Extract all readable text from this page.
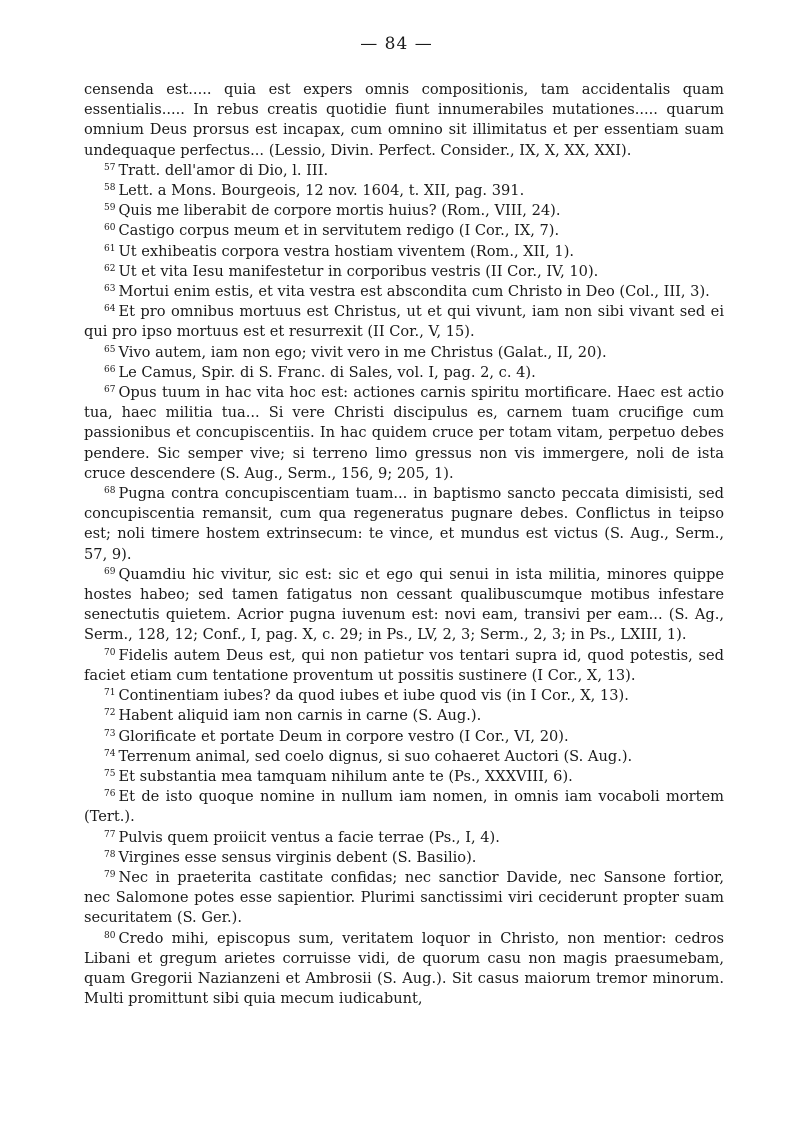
— 84 —

censenda est..... quia est expers omnis compositionis, tam accidentalis quam essentialis..... In rebus creatis quotidie fiunt innumerabiles mutationes..... quarum omnium Deus prorsus est incapax, cum omnino sit illimitatus et per essentiam suam undequaque perfectus... (Lessio, Divin. Perfect. Consider., IX, X, XX, XXI).

$^{57}$ Tratt. dell'amor di Dio, l. III.

$^{58}$ Lett. a Mons. Bourgeois, 12 nov. 1604, t. XII, pag. 391.

$^{59}$ Quis me liberabit de corpore mortis huius? (Rom., VIII, 24).

$^{60}$ Castigo corpus meum et in servitutem redigo (I Cor., IX, 7).

$^{61}$ Ut exhibeatis corpora vestra hostiam viventem (Rom., XII, 1).

$^{62}$ Ut et vita Iesu manifestetur in corporibus vestris (II Cor., IV, 10).

$^{63}$ Mortui enim estis, et vita vestra est abscondita cum Christo in Deo (Col., III, 3).

$^{64}$ Et pro omnibus mortuus est Christus, ut et qui vivunt, iam non sibi vivant sed ei qui pro ipso mortuus est et resurrexit (II Cor., V, 15).

$^{65}$ Vivo autem, iam non ego; vivit vero in me Christus (Galat., II, 20).

$^{66}$ Le Camus, Spir. di S. Franc. di Sales, vol. I, pag. 2, c. 4).

$^{67}$ Opus tuum in hac vita hoc est: actiones carnis spiritu mortificare. Haec est actio tua, haec militia tua... Si vere Christi discipulus es, carnem tuam crucifige cum passionibus et concupiscentiis. In hac quidem cruce per totam vitam, perpetuo debes pendere. Sic semper vive; si terreno limo gressus non vis immergere, noli de ista cruce descendere (S. Aug., Serm., 156, 9; 205, 1).

$^{68}$ Pugna contra concupiscentiam tuam... in baptismo sancto peccata dimisisti, sed concupiscentia remansit, cum qua regeneratus pugnare debes. Conflictus in teipso est; noli timere hostem extrinsecum: te vince, et mundus est victus (S. Aug., Serm., 57, 9).

$^{69}$ Quamdiu hic vivitur, sic est: sic et ego qui senui in ista militia, minores quippe hostes habeo; sed tamen fatigatus non cessant qualibuscumque motibus infestare senectutis quietem. Acrior pugna iuvenum est: novi eam, transivi per eam... (S. Ag., Serm., 128, 12; Conf., I, pag. X, c. 29; in Ps., LV, 2, 3; Serm., 2, 3; in Ps., LXIII, 1).

$^{70}$ Fidelis autem Deus est, qui non patietur vos tentari supra id, quod potestis, sed faciet etiam cum tentatione proventum ut possitis sustinere (I Cor., X, 13).

$^{71}$ Continentiam iubes? da quod iubes et iube quod vis (in I Cor., X, 13).

$^{72}$ Habent aliquid iam non carnis in carne (S. Aug.).

$^{73}$ Glorificate et portate Deum in corpore vestro (I Cor., VI, 20).

$^{74}$ Terrenum animal, sed coelo dignus, si suo cohaeret Auctori (S. Aug.).

$^{75}$ Et substantia mea tamquam nihilum ante te (Ps., XXXVIII, 6).

$^{76}$ Et de isto quoque nomine in nullum iam nomen, in omnis iam vocaboli mortem (Tert.).

$^{77}$ Pulvis quem proiicit ventus a facie terrae (Ps., I, 4).

$^{78}$ Virgines esse sensus virginis debent (S. Basilio).

$^{79}$ Nec in praeterita castitate confidas; nec sanctior Davide, nec Sansone fortior, nec Salomone potes esse sapientior. Plurimi sanctissimi viri ceciderunt propter suam securitatem (S. Ger.).

$^{80}$ Credo mihi, episcopus sum, veritatem loquor in Christo, non mentior: cedros Libani et gregum arietes corruisse vidi, de quorum casu non magis praesumebam, quam Gregorii Nazianzeni et Ambrosii (S. Aug.). Sit casus maiorum tremor minorum. Multi promittunt sibi quia mecum iudicabunt,
